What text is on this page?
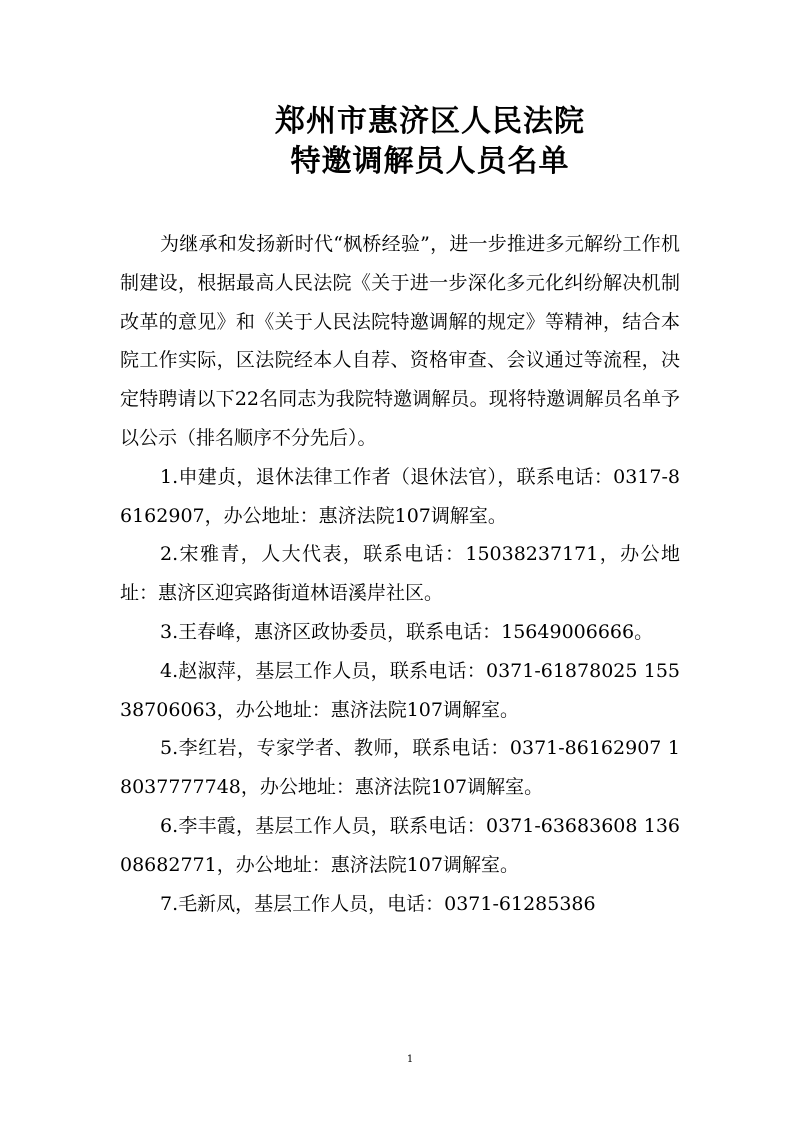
郑州市惠济区人民法院
特邀调解员人员名单

为继承和发扬新时代“枫桥经验”，进一步推进多元解纷工作机制建设，根据最高人民法院《关于进一步深化多元化纠纷解决机制改革的意见》和《关于人民法院特邀调解的规定》等精神，结合本院工作实际，区法院经本人自荐、资格审查、会议通过等流程，决定特聘请以下22名同志为我院特邀调解员。现将特邀调解员名单予以公示（排名顺序不分先后）。

1.申建贞，退休法律工作者（退休法官），联系电话：0317-86162907，办公地址：惠济法院107调解室。

2.宋雅青，人大代表，联系电话：15038237171，办公地址：惠济区迎宾路街道林语溪岸社区。

3.王春峰，惠济区政协委员，联系电话：15649006666。

4.赵淑萍，基层工作人员，联系电话：0371-61878025 15538706063，办公地址：惠济法院107调解室。

5.李红岩，专家学者、教师，联系电话：0371-86162907 18037777748，办公地址：惠济法院107调解室。

6.李丰霞，基层工作人员，联系电话：0371-63683608 13608682771，办公地址：惠济法院107调解室。

7.毛新凤，基层工作人员，电话：0371-61285386

1
